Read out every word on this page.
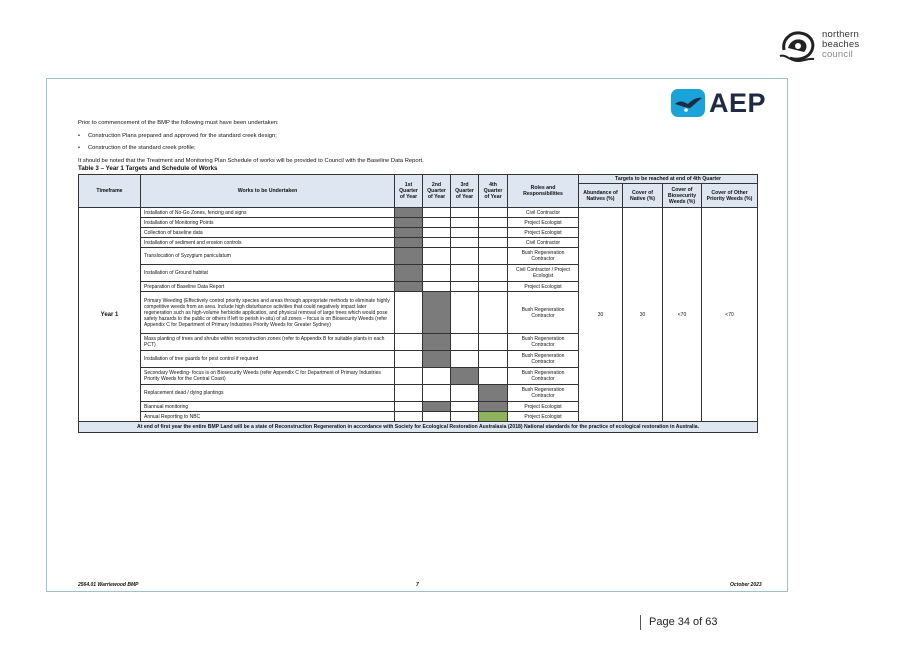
northern
beaches
council
AEP

Prior to commencement of the BMP the following must have been undertaken:

• Construction Plans prepared and approved for the standard creek design;

• Construction of the standard creek profile;

It should be noted that the Treatment and Monitoring Plan Schedule of works will be provided to Council with the Baseline Data Report.

Table 3 – Year 1 Targets and Schedule of Works
Timeframe	Works to be Undertaken	1st Quarter of Year	2nd Quarter of Year	3rd Quarter of Year	4th Quarter of Year	Roles and Responsibilities	Targets to be reached at end of 4th Quarter			
							Abundance of Natives (%)	Cover of Native (%)	Cover of Biosecurity Weeds (%)	Cover of Other Priority Weeds (%)
Year 1	Installation of No-Go Zones, fencing and signs					Civil Contractor	30	30	<70	<70
	Installation of Monitoring Points					Project Ecologist				
	Collection of baseline data					Project Ecologist				
	Installation of sediment and erosion controls					Civil Contractor				
	Translocation of Syzygium paniculatum					Bush Regeneration Contractor				
	Installation of Ground habitat					Civil Contractor / Project Ecologist				
	Preparation of Baseline Data Report					Project Ecologist				
	Primary Weeding (Effectively control priority species and areas through appropriate methods to eliminate highly competitive weeds from an area. Include high disturbance activities that could negatively impact later regeneration such as high-volume herbicide application, and physical removal of large trees which would pose safety hazards to the public or others if left to perish in-situ) of all zones – focus is on Biosecurity Weeds (refer Appendix C for Department of Primary Industries Priority Weeds for Greater Sydney)					Bush Regeneration Contractor				
	Mass planting of trees and shrubs within reconstruction zones (refer to Appendix B for suitable plants in each PCT)					Bush Regeneration Contractor				
	Installation of tree guards for pest control if required					Bush Regeneration Contractor				
	Secondary Weeding- focus is on Biosecurity Weeds (refer Appendix C for Department of Primary Industries Priority Weeds for the Central Coast)					Bush Regeneration Contractor				
	Replacement dead / dying plantings					Bush Regeneration Contractor				
	Biannual monitoring					Project Ecologist				
	Annual Reporting to NBC					Project Ecologist				
At end of first year the entire BMP Land will be a state of Reconstruction Regeneration in accordance with Society for Ecological Restoration Australasia (2018) National standards for the practice of ecological restoration in Australia.										
2564.01 Warriewood BMP	7	October 2023
Page 34 of 63
